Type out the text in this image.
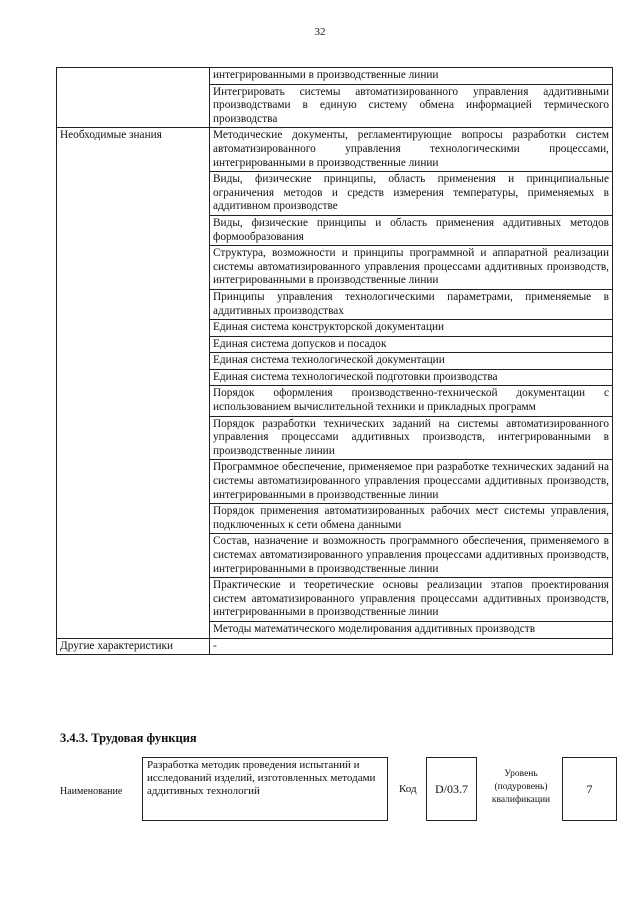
32
	интегрированными в производственные линии
	Интегрировать системы автоматизированного управления аддитивными производствами в единую систему обмена информацией термического производства
Необходимые знания	Методические документы, регламентирующие вопросы разработки систем автоматизированного управления технологическими процессами, интегрированными в производственные линии
	Виды, физические принципы, область применения и принципиальные ограничения методов и средств измерения температуры, применяемых в аддитивном производстве
	Виды, физические принципы и область применения аддитивных методов формообразования
	Структура, возможности и принципы программной и аппаратной реализации системы автоматизированного управления процессами аддитивных производств, интегрированными в производственные линии
	Принципы управления технологическими параметрами, применяемые в аддитивных производствах
	Единая система конструкторской документации
	Единая система допусков и посадок
	Единая система технологической документации
	Единая система технологической подготовки производства
	Порядок оформления производственно-технической документации с использованием вычислительной техники и прикладных программ
	Порядок разработки технических заданий на системы автоматизированного управления процессами аддитивных производств, интегрированными в производственные линии
	Программное обеспечение, применяемое при разработке технических заданий на системы автоматизированного управления процессами аддитивных производств, интегрированными в производственные линии
	Порядок применения автоматизированных рабочих мест системы управления, подключенных к сети обмена данными
	Состав, назначение и возможность программного обеспечения, применяемого в системах автоматизированного управления процессами аддитивных производств, интегрированными в производственные линии
	Практические и теоретические основы реализации этапов проектирования систем автоматизированного управления процессами аддитивных производств, интегрированными в производственные линии
	Методы математического моделирования аддитивных производств
Другие характеристики	-
3.4.3. Трудовая функция
Наименование
Разработка методик проведения испытаний и исследований изделий, изготовленных методами аддитивных технологий	Код	D/03.7
Уровень (подуровень) квалификации
7
